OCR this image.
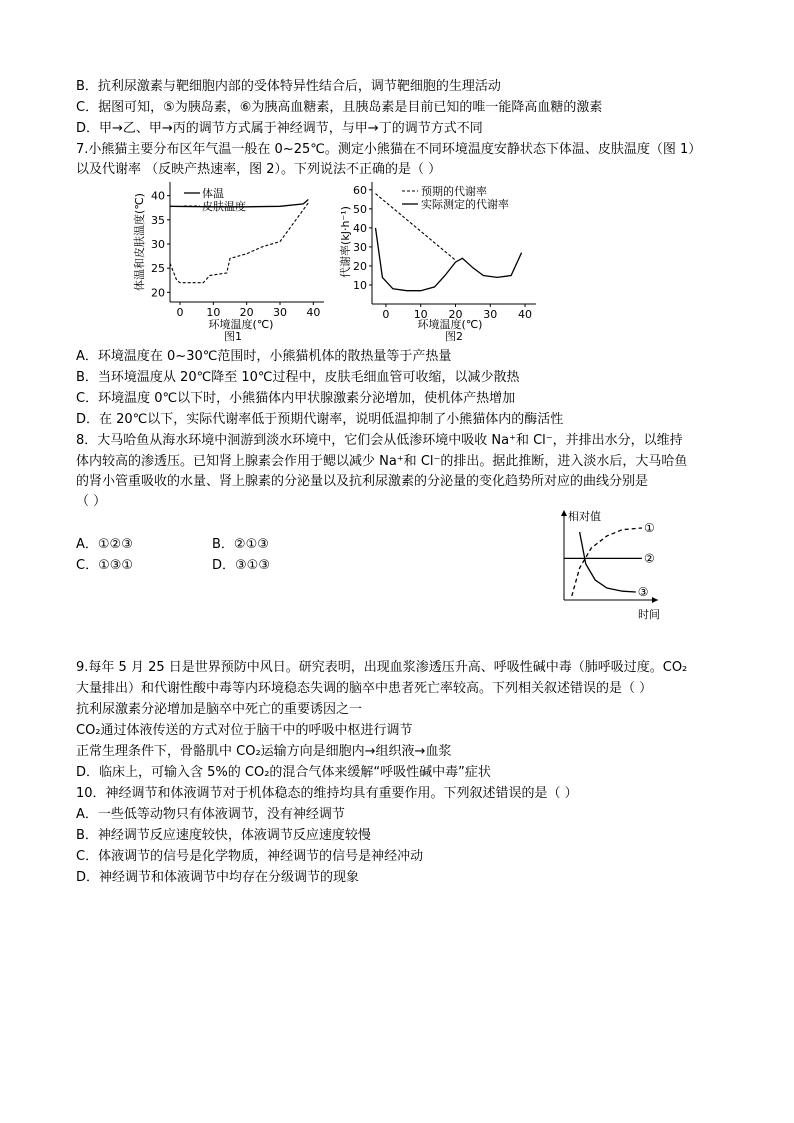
B．抗利尿激素与靶细胞内部的受体特异性结合后，调节靶细胞的生理活动
C．据图可知，⑤为胰岛素，⑥为胰高血糖素，且胰岛素是目前已知的唯一能降高血糖的激素
D．甲→乙、甲→丙的调节方式属于神经调节，与甲→丁的调节方式不同
7.小熊猫主要分布区年气温一般在 0~25℃。测定小熊猫在不同环境温度安静状态下体温、皮肤温度（图 1）
以及代谢率 （反映产热速率，图 2）。下列说法不正确的是（ ）
0 10 20 30 40
20
25
30
35
40
体温和皮肤温度(℃)	体温
皮肤温度
环境温度(℃)
图1
0 10 20 30 40
10
20
30
40
50
60
代谢率(kJ·h⁻¹)
预期的代谢率
实际测定的代谢率
环境温度(℃)
图2
A．环境温度在 0~30℃范围时，小熊猫机体的散热量等于产热量
B．当环境温度从 20℃降至 10℃过程中，皮肤毛细血管可收缩，以减少散热
C．环境温度 0℃以下时，小熊猫体内甲状腺激素分泌增加，使机体产热增加
D．在 20℃以下，实际代谢率低于预期代谢率，说明低温抑制了小熊猫体内的酶活性
8．大马哈鱼从海水环境中洄游到淡水环境中，它们会从低渗环境中吸收 Na⁺和 Cl⁻，并排出水分，以维持
体内较高的渗透压。已知肾上腺素会作用于鳃以减少 Na⁺和 Cl⁻的排出。据此推断，进入淡水后，大马哈鱼
的肾小管重吸收的水量、肾上腺素的分泌量以及抗利尿激素的分泌量的变化趋势所对应的曲线分别是
（ ）
A．①②③	B．②①③
C．①③①	D．③①③
①
②
③
相对值
时间
9.每年 5 月 25 日是世界预防中风日。研究表明，出现血浆渗透压升高、呼吸性碱中毒（肺呼吸过度。CO₂
大量排出）和代谢性酸中毒等内环境稳态失调的脑卒中患者死亡率较高。下列相关叙述错误的是（ ）
抗利尿激素分泌增加是脑卒中死亡的重要诱因之一
CO₂通过体液传送的方式对位于脑干中的呼吸中枢进行调节
正常生理条件下，骨骼肌中 CO₂运输方向是细胞内→组织液→血浆
D．临床上，可输入含 5%的 CO₂的混合气体来缓解“呼吸性碱中毒”症状
10．神经调节和体液调节对于机体稳态的维持均具有重要作用。下列叙述错误的是（ ）
A．一些低等动物只有体液调节，没有神经调节
B．神经调节反应速度较快，体液调节反应速度较慢
C．体液调节的信号是化学物质，神经调节的信号是神经冲动
D．神经调节和体液调节中均存在分级调节的现象
